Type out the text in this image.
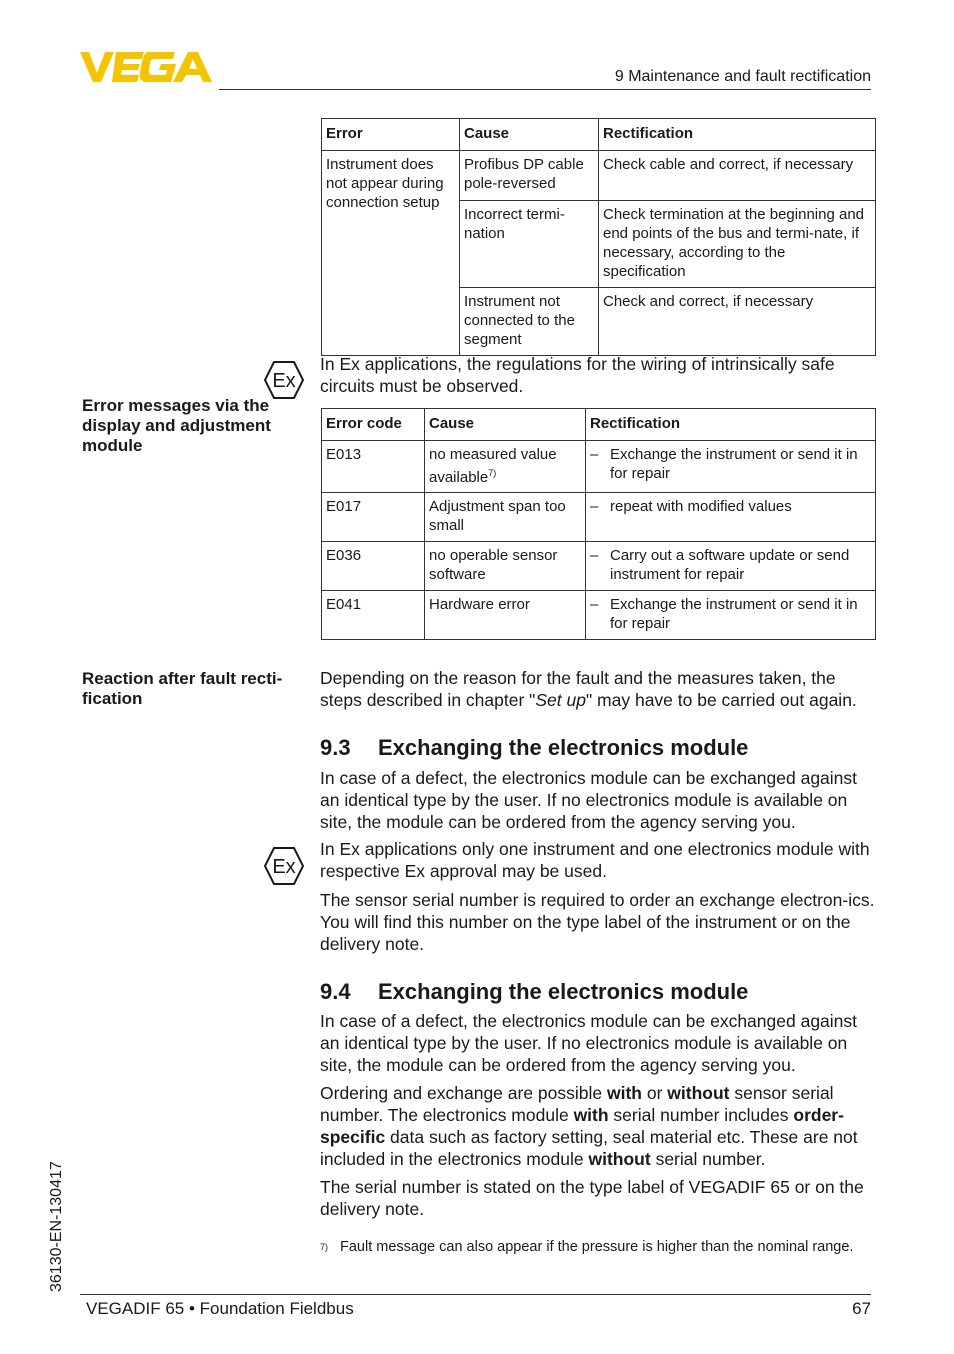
9 Maintenance and fault rectification
Error	Cause	Rectification
Instrument does not appear during connection setup	Profibus DP cable pole-reversed	Check cable and correct, if necessary
	Incorrect termi-nation	Check termination at the beginning and end points of the bus and termi-nate, if necessary, according to the specification
	Instrument not connected to the segment	Check and correct, if necessary
Ex

In Ex applications, the regulations for the wiring of intrinsically safe circuits must be observed.

Error messages via the display and adjustment module
Error code	Cause	Rectification
E013	no measured value available$^{7)}$	– Exchange the instrument or send it in for repair

E017	Adjustment span too small	– repeat with modified values

E036	no operable sensor software	– Carry out a software update or send instrument for repair

E041	Hardware error	– Exchange the instrument or send it in for repair
Reaction after fault recti-fication

Depending on the reason for the fault and the measures taken, the steps described in chapter "Set up" may have to be carried out again.

9.3 Exchanging the electronics module

In case of a defect, the electronics module can be exchanged against an identical type by the user. If no electronics module is available on site, the module can be ordered from the agency serving you.

Ex

In Ex applications only one instrument and one electronics module with respective Ex approval may be used.

The sensor serial number is required to order an exchange electron-ics. You will find this number on the type label of the instrument or on the delivery note.

9.4 Exchanging the electronics module

In case of a defect, the electronics module can be exchanged against an identical type by the user. If no electronics module is available on site, the module can be ordered from the agency serving you.

Ordering and exchange are possible with or without sensor serial number. The electronics module with serial number includes order-specific data such as factory setting, seal material etc. These are not included in the electronics module without serial number.

The serial number is stated on the type label of VEGADIF 65 or on the delivery note.

7) Fault message can also appear if the pressure is higher than the nominal range.
36130-EN-130417
VEGADIF 65 • Foundation Fieldbus	67
